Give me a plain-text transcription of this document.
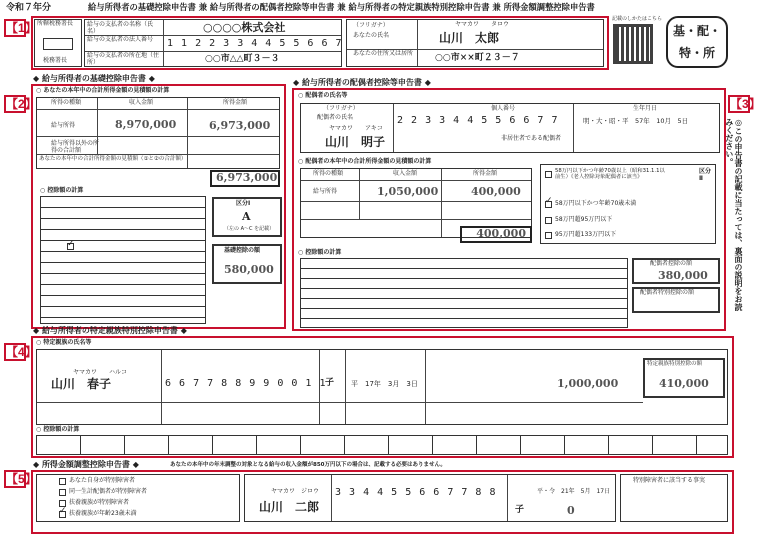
令和７年分	給与所得者の基礎控除申告書 兼 給与所得者の配偶者控除等申告書 兼 給与所得者の特定親族特別控除申告書 兼 所得金額調整控除申告書
【1】 所轄税務署長
税務署長
給与の支払者の名称（氏名）	○○○○株式会社
給与の支払者の法人番号	1 1 2 2 3 3 4 4 5 5 6 6 7
給与の支払者の所在地（住所）	○○市△△町３－３
（フリガナ）
あなたの氏名
ヤマカワ　　タロウ
山川　太郎
あなたの住所又は居所 ○○市××町２３－７
記載のしかたはこちら
基・配・特・所
◆ 給与所得者の基礎控除申告書 ◆
【2】
○ あなたの本年中の合計所得金額の見積額の計算
所得の種類	収入金額	所得金額
給与所得	8,970,000	6,973,000
給与所得以外の所得の合計額
あなたの本年中の合計所得金額の見積額（①と②の合計額）
6,973,000
○ 控除額の計算
✓
区分Ⅰ
A
（左の A～C を記載）
基礎控除の額
580,000
◆ 給与所得者の配偶者控除等申告書 ◆
【3】
○ 配偶者の氏名等
（フリガナ）
配偶者の氏名
ヤマカワ　　アキコ
山川　明子
個人番号
2 2 3 3 4 4 5 5 6 6 7 7
生年月日
明・大・昭・平　57年　10月　5日
非居住者である配偶者
○ 配偶者の本年中の合計所得金額の見積額の計算
所得の種類	収入金額	所得金額
給与所得	1,050,000	400,000
400,000
58万円以下かつ年齢70歳以上（昭和31.1.1以前生）《老人控除対象配偶者に該当》
✓ 58万円以下かつ年齢70歳未満
58万円超95万円以下
95万円超133万円以下
区分Ⅱ
○ 控除額の計算
配偶者控除の額
380,000
配偶者特別控除の額	◎この申告書の記載に当たっては、裏面の説明をお読みください。
◆ 給与所得者の特定親族特別控除申告書 ◆
【4】
○ 特定親族の氏名等
ヤマカワ　　ハルコ
山川　春子	6 6 7 7 8 8 9 9 0 0 1 1
子 平　17年　3月　3日	1,000,000
特定親族特別控除の額
410,000
○ 控除額の計算
◆ 所得金額調整控除申告書 ◆	あなたの本年中の年末調整の対象となる給与の収入金額が850万円以下の場合は、記載する必要はありません。
【5】	あなた自身が特別障害者
同一生計配偶者が特別障害者
扶養親族が特別障害者
✓ 扶養親族が年齢23歳未満
ヤマカワ　ジロウ
山川　二郎
3 3 4 4 5 5 6 6 7 7 8 8
子
平・令　21年　5月　17日
0
特別障害者に該当する事実
